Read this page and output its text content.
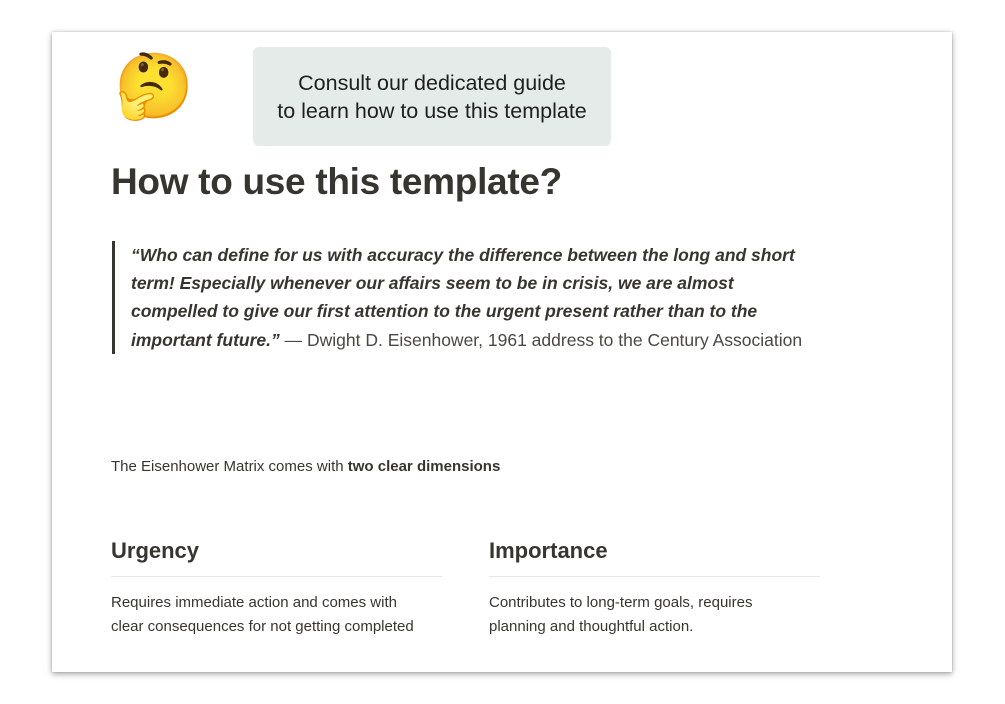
🤔	Consult our dedicated guide
to learn how to use this template
How to use this template?
“Who can define for us with accuracy the difference between the long and short term! Especially whenever our affairs seem to be in crisis, we are almost compelled to give our first attention to the urgent present rather than to the important future.” — Dwight D. Eisenhower, 1961 address to the Century Association
The Eisenhower Matrix comes with two clear dimensions
Urgency

Requires immediate action and comes with clear consequences for not getting completed

Importance

Contributes to long-term goals, requires planning and thoughtful action.
